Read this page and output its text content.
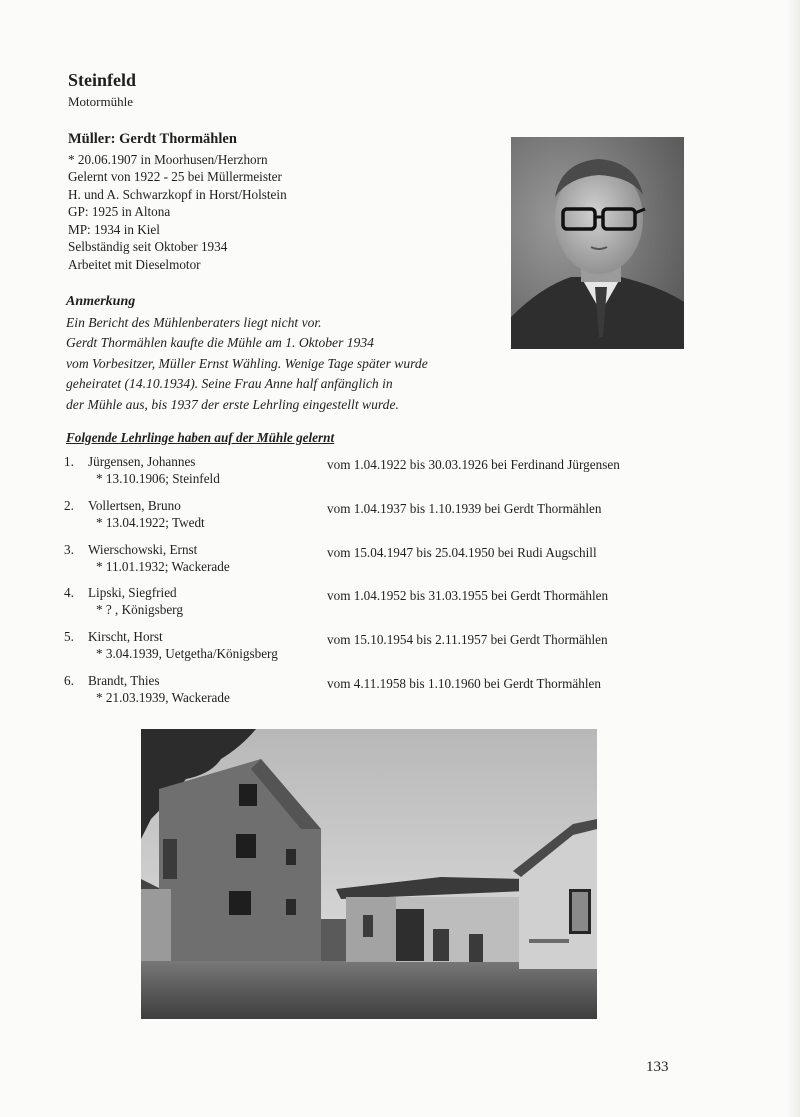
Steinfeld
Motormühle
Müller: Gerdt Thormählen
* 20.06.1907 in Moorhusen/Herzhorn
Gelernt von 1922 - 25 bei Müllermeister
H. und A. Schwarzkopf in Horst/Holstein
GP: 1925 in Altona
MP: 1934 in Kiel
Selbständig seit Oktober 1934
Arbeitet mit Dieselmotor
Anmerkung
Ein Bericht des Mühlenberaters liegt nicht vor.
Gerdt Thormählen kaufte die Mühle am 1. Oktober 1934
vom Vorbesitzer, Müller Ernst Wähling. Wenige Tage später wurde
geheiratet (14.10.1934). Seine Frau Anne half anfänglich in
der Mühle aus, bis 1937 der erste Lehrling eingestellt wurde.
Folgende Lehrlinge haben auf der Mühle gelernt
1. Jürgensen, Johannes
* 13.10.1906; Steinfeld
vom 1.04.1922 bis 30.03.1926 bei Ferdinand Jürgensen
2. Vollertsen, Bruno
* 13.04.1922; Twedt
vom 1.04.1937 bis 1.10.1939 bei Gerdt Thormählen
3. Wierschowski, Ernst
* 11.01.1932; Wackerade
vom 15.04.1947 bis 25.04.1950 bei Rudi Augschill
4. Lipski, Siegfried
* ? , Königsberg
vom 1.04.1952 bis 31.03.1955 bei Gerdt Thormählen
5. Kirscht, Horst
* 3.04.1939, Uetgetha/Königsberg
vom 15.10.1954 bis 2.11.1957 bei Gerdt Thormählen
6. Brandt, Thies
* 21.03.1939, Wackerade
vom 4.11.1958 bis 1.10.1960 bei Gerdt Thormählen
133
